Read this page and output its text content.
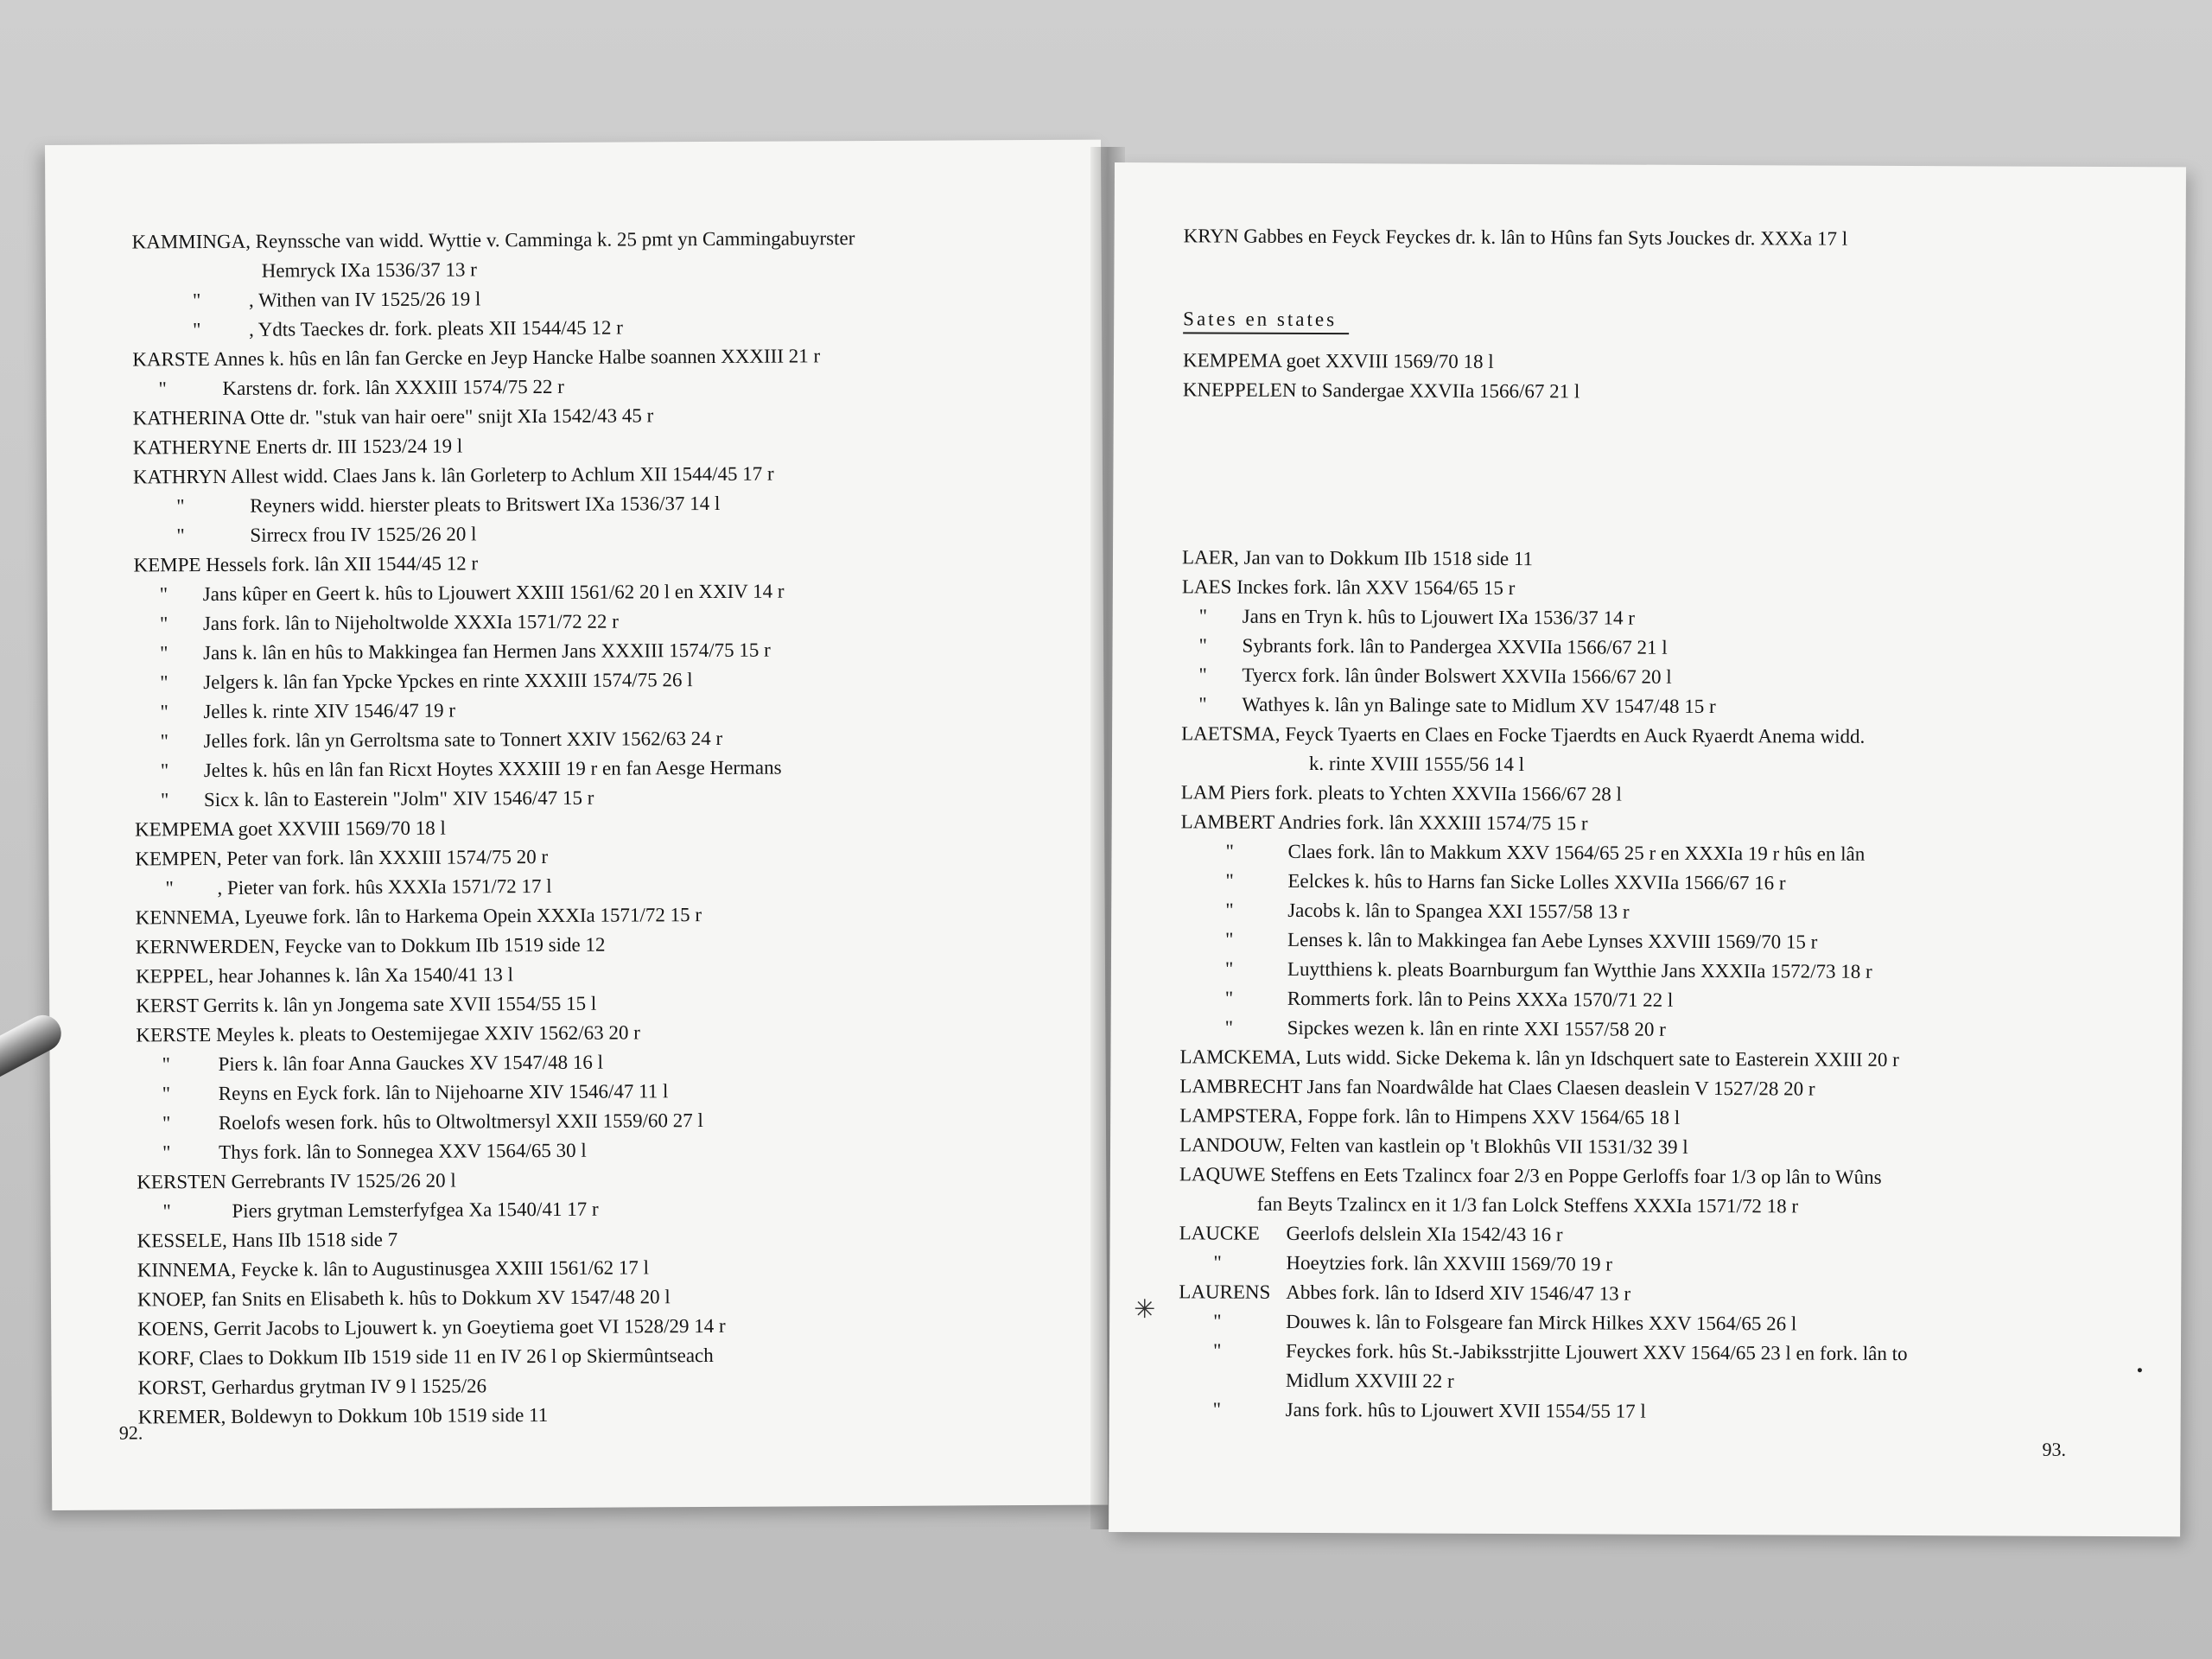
KAMMINGA, Reynssche van widd. Wyttie v. Camminga k. 25 pmt yn Cammingabuyrster
Hemryck IXa 1536/37 13 r
" , Withen van IV 1525/26 19 l
" , Ydts Taeckes dr. fork. pleats XII 1544/45 12 r
KARSTE Annes k. hûs en lân fan Gercke en Jeyp Hancke Halbe soannen XXXIII 21 r
"	Karstens dr. fork. lân XXXIII 1574/75 22 r
KATHERINA Otte dr. "stuk van hair oere" snijt XIa 1542/43 45 r
KATHERYNE Enerts dr. III 1523/24 19 l
KATHRYN Allest widd. Claes Jans k. lân Gorleterp to Achlum XII 1544/45 17 r
"	Reyners widd. hierster pleats to Britswert IXa 1536/37 14 l
"	Sirrecx frou IV 1525/26 20 l
KEMPE Hessels fork. lân XII 1544/45 12 r
" Jans kûper en Geert k. hûs to Ljouwert XXIII 1561/62 20 l en XXIV 14 r
" Jans fork. lân to Nijeholtwolde XXXIa 1571/72 22 r
" Jans k. lân en hûs to Makkingea fan Hermen Jans XXXIII 1574/75 15 r
" Jelgers k. lân fan Ypcke Ypckes en rinte XXXIII 1574/75 26 l
" Jelles k. rinte XIV 1546/47 19 r
" Jelles fork. lân yn Gerroltsma sate to Tonnert XXIV 1562/63 24 r
" Jeltes k. hûs en lân fan Ricxt Hoytes XXXIII 19 r en fan Aesge Hermans
" Sicx k. lân to Easterein "Jolm" XIV 1546/47 15 r
KEMPEMA goet XXVIII 1569/70 18 l
KEMPEN, Peter van fork. lân XXXIII 1574/75 20 r
" , Pieter van fork. hûs XXXIa 1571/72 17 l
KENNEMA, Lyeuwe fork. lân to Harkema Opein XXXIa 1571/72 15 r
KERNWERDEN, Feycke van to Dokkum IIb 1519 side 12
KEPPEL, hear Johannes k. lân Xa 1540/41 13 l
KERST Gerrits k. lân yn Jongema sate XVII 1554/55 15 l
KERSTE Meyles k. pleats to Oestemijegae XXIV 1562/63 20 r
" Piers k. lân foar Anna Gauckes XV 1547/48 16 l
" Reyns en Eyck fork. lân to Nijehoarne XIV 1546/47 11 l
" Roelofs wesen fork. hûs to Oltwoltmersyl XXII 1559/60 27 l
" Thys fork. lân to Sonnegea XXV 1564/65 30 l
KERSTEN Gerrebrants IV 1525/26 20 l
"	Piers grytman Lemsterfyfgea Xa 1540/41 17 r
KESSELE, Hans IIb 1518 side 7
KINNEMA, Feycke k. lân to Augustinusgea XXIII 1561/62 17 l
KNOEP, fan Snits en Elisabeth k. hûs to Dokkum XV 1547/48 20 l
KOENS, Gerrit Jacobs to Ljouwert k. yn Goeytiema goet VI 1528/29 14 r
KORF, Claes to Dokkum IIb 1519 side 11 en IV 26 l op Skiermûntseach
KORST, Gerhardus grytman IV 9 l 1525/26
KREMER, Boldewyn to Dokkum 10b 1519 side 11
92.
KRYN Gabbes en Feyck Feyckes dr. k. lân to Hûns fan Syts Jouckes dr. XXXa 17 l
Sates en states
KEMPEMA goet XXVIII 1569/70 18 l
KNEPPELEN to Sandergae XXVIIa 1566/67 21 l
LAER, Jan van to Dokkum IIb 1518 side 11
LAES Inckes fork. lân XXV 1564/65 15 r
" Jans en Tryn k. hûs to Ljouwert IXa 1536/37 14 r
" Sybrants fork. lân to Pandergea XXVIIa 1566/67 21 l
" Tyercx fork. lân ûnder Bolswert XXVIIa 1566/67 20 l
" Wathyes k. lân yn Balinge sate to Midlum XV 1547/48 15 r
LAETSMA, Feyck Tyaerts en Claes en Focke Tjaerdts en Auck Ryaerdt Anema widd.
k. rinte XVIII 1555/56 14 l
LAM Piers fork. pleats to Ychten XXVIIa 1566/67 28 l
LAMBERT Andries fork. lân XXXIII 1574/75 15 r
"	Claes fork. lân to Makkum XXV 1564/65 25 r en XXXIa 19 r hûs en lân
"	Eelckes k. hûs to Harns fan Sicke Lolles XXVIIa 1566/67 16 r
"	Jacobs k. lân to Spangea XXI 1557/58 13 r
"	Lenses k. lân to Makkingea fan Aebe Lynses XXVIII 1569/70 15 r
"	Luytthiens k. pleats Boarnburgum fan Wytthie Jans XXXIIa 1572/73 18 r
"	Rommerts fork. lân to Peins XXXa 1570/71 22 l
"	Sipckes wezen k. lân en rinte XXI 1557/58 20 r
LAMCKEMA, Luts widd. Sicke Dekema k. lân yn Idschquert sate to Easterein XXIII 20 r
LAMBRECHT Jans fan Noardwâlde hat Claes Claesen deaslein V 1527/28 20 r
LAMPSTERA, Foppe fork. lân to Himpens XXV 1564/65 18 l
LANDOUW, Felten van kastlein op 't Blokhûs VII 1531/32 39 l
LAQUWE Steffens en Eets Tzalincx foar 2/3 en Poppe Gerloffs foar 1/3 op lân to Wûns
fan Beyts Tzalincx en it 1/3 fan Lolck Steffens XXXIa 1571/72 18 r
LAUCKE Geerlofs delslein XIa 1542/43 16 r
"	Hoeytzies fork. lân XXVIII 1569/70 19 r
LAURENS Abbes fork. lân to Idserd XIV 1546/47 13 r
"	Douwes k. lân to Folsgeare fan Mirck Hilkes XXV 1564/65 26 l
"	Feyckes fork. hûs St.-Jabiksstrjitte Ljouwert XXV 1564/65 23 l en fork. lân to
Midlum XXVIII 22 r
"	Jans fork. hûs to Ljouwert XVII 1554/55 17 l
93.
✳
